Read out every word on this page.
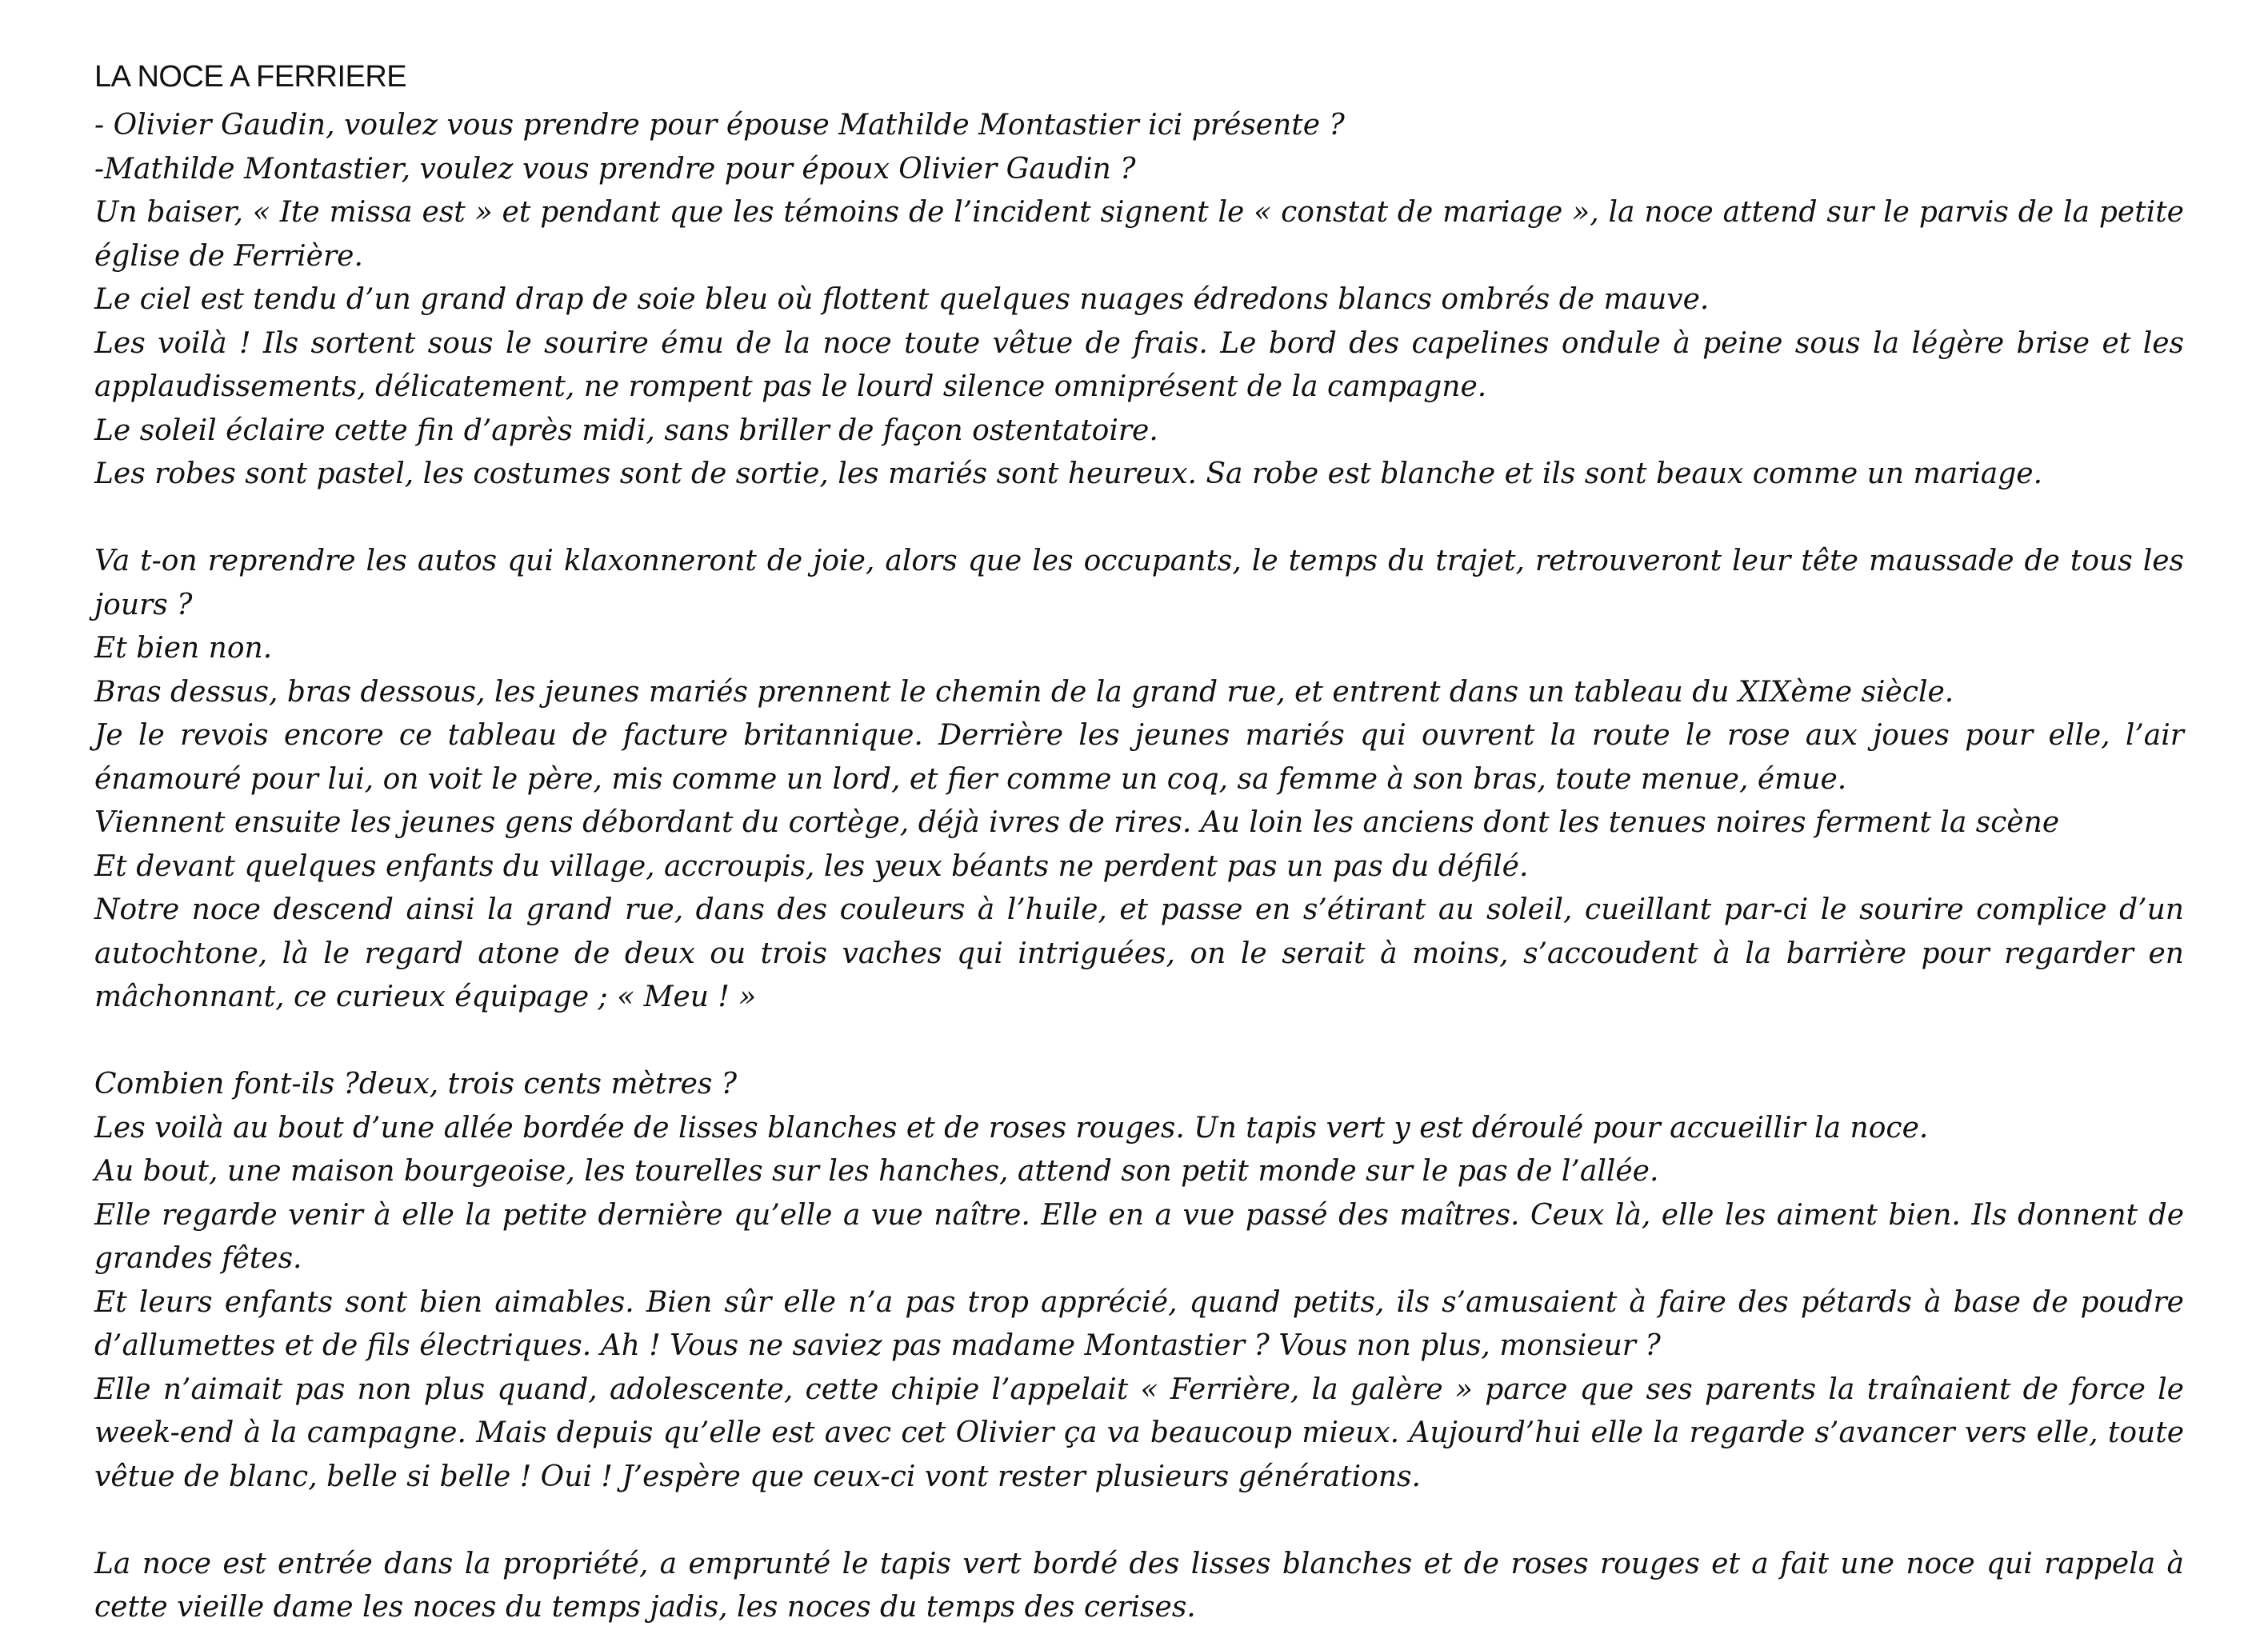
LA NOCE A FERRIERE

- Olivier Gaudin, voulez vous prendre pour épouse Mathilde Montastier ici présente ?

-Mathilde Montastier, voulez vous prendre pour époux Olivier Gaudin ?

Un baiser, « Ite missa est » et pendant que les témoins de l’incident signent le « constat de mariage », la noce attend sur le parvis de la petite église de Ferrière.

Le ciel est tendu d’un grand drap de soie bleu où flottent quelques nuages édredons blancs ombrés de mauve.

Les voilà ! Ils sortent sous le sourire ému de la noce toute vêtue de frais. Le bord des capelines ondule à peine sous la légère brise et les applaudissements, délicatement, ne rompent pas le lourd silence omniprésent de la campagne.

Le soleil éclaire cette fin d’après midi, sans briller de façon ostentatoire.

Les robes sont pastel, les costumes sont de sortie, les mariés sont heureux. Sa robe est blanche et ils sont beaux comme un mariage.

Va t-on reprendre les autos qui klaxonneront de joie, alors que les occupants, le temps du trajet, retrouveront leur tête maussade de tous les jours ?

Et bien non.

Bras dessus, bras dessous, les jeunes mariés prennent le chemin de la grand rue, et entrent dans un tableau du XIXème siècle.

Je le revois encore ce tableau de facture britannique. Derrière les jeunes mariés qui ouvrent la route le rose aux joues pour elle, l’air énamouré pour lui, on voit le père, mis comme un lord, et fier comme un coq, sa femme à son bras, toute menue, émue.

Viennent ensuite les jeunes gens débordant du cortège, déjà ivres de rires. Au loin les anciens dont les tenues noires ferment la scène

Et devant quelques enfants du village, accroupis, les yeux béants ne perdent pas un pas du défilé.

Notre noce descend ainsi la grand rue, dans des couleurs à l’huile, et passe en s’étirant au soleil, cueillant par-ci le sourire complice d’un autochtone, là le regard atone de deux ou trois vaches qui intriguées, on le serait à moins, s’accoudent à la barrière pour regarder en mâchonnant, ce curieux équipage ; « Meu ! »

Combien font-ils ?deux, trois cents mètres ?

Les voilà au bout d’une allée bordée de lisses blanches et de roses rouges. Un tapis vert y est déroulé pour accueillir la noce.

Au bout, une maison bourgeoise, les tourelles sur les hanches, attend son petit monde sur le pas de l’allée.

Elle regarde venir à elle la petite dernière qu’elle a vue naître. Elle en a vue passé des maîtres. Ceux là, elle les aiment bien. Ils donnent de grandes fêtes.

Et leurs enfants sont bien aimables. Bien sûr elle n’a pas trop apprécié, quand petits, ils s’amusaient à faire des pétards à base de poudre d’allumettes et de fils électriques. Ah ! Vous ne saviez pas madame Montastier ? Vous non plus, monsieur ?

Elle n’aimait pas non plus quand, adolescente, cette chipie l’appelait « Ferrière, la galère » parce que ses parents la traînaient de force le week-end à la campagne. Mais depuis qu’elle est avec cet Olivier ça va beaucoup mieux. Aujourd’hui elle la regarde s’avancer vers elle, toute vêtue de blanc, belle si belle ! Oui ! J’espère que ceux-ci vont rester plusieurs générations.

La noce est entrée dans la propriété, a emprunté le tapis vert bordé des lisses blanches et de roses rouges et a fait une noce qui rappela à cette vieille dame les noces du temps jadis, les noces du temps des cerises.
